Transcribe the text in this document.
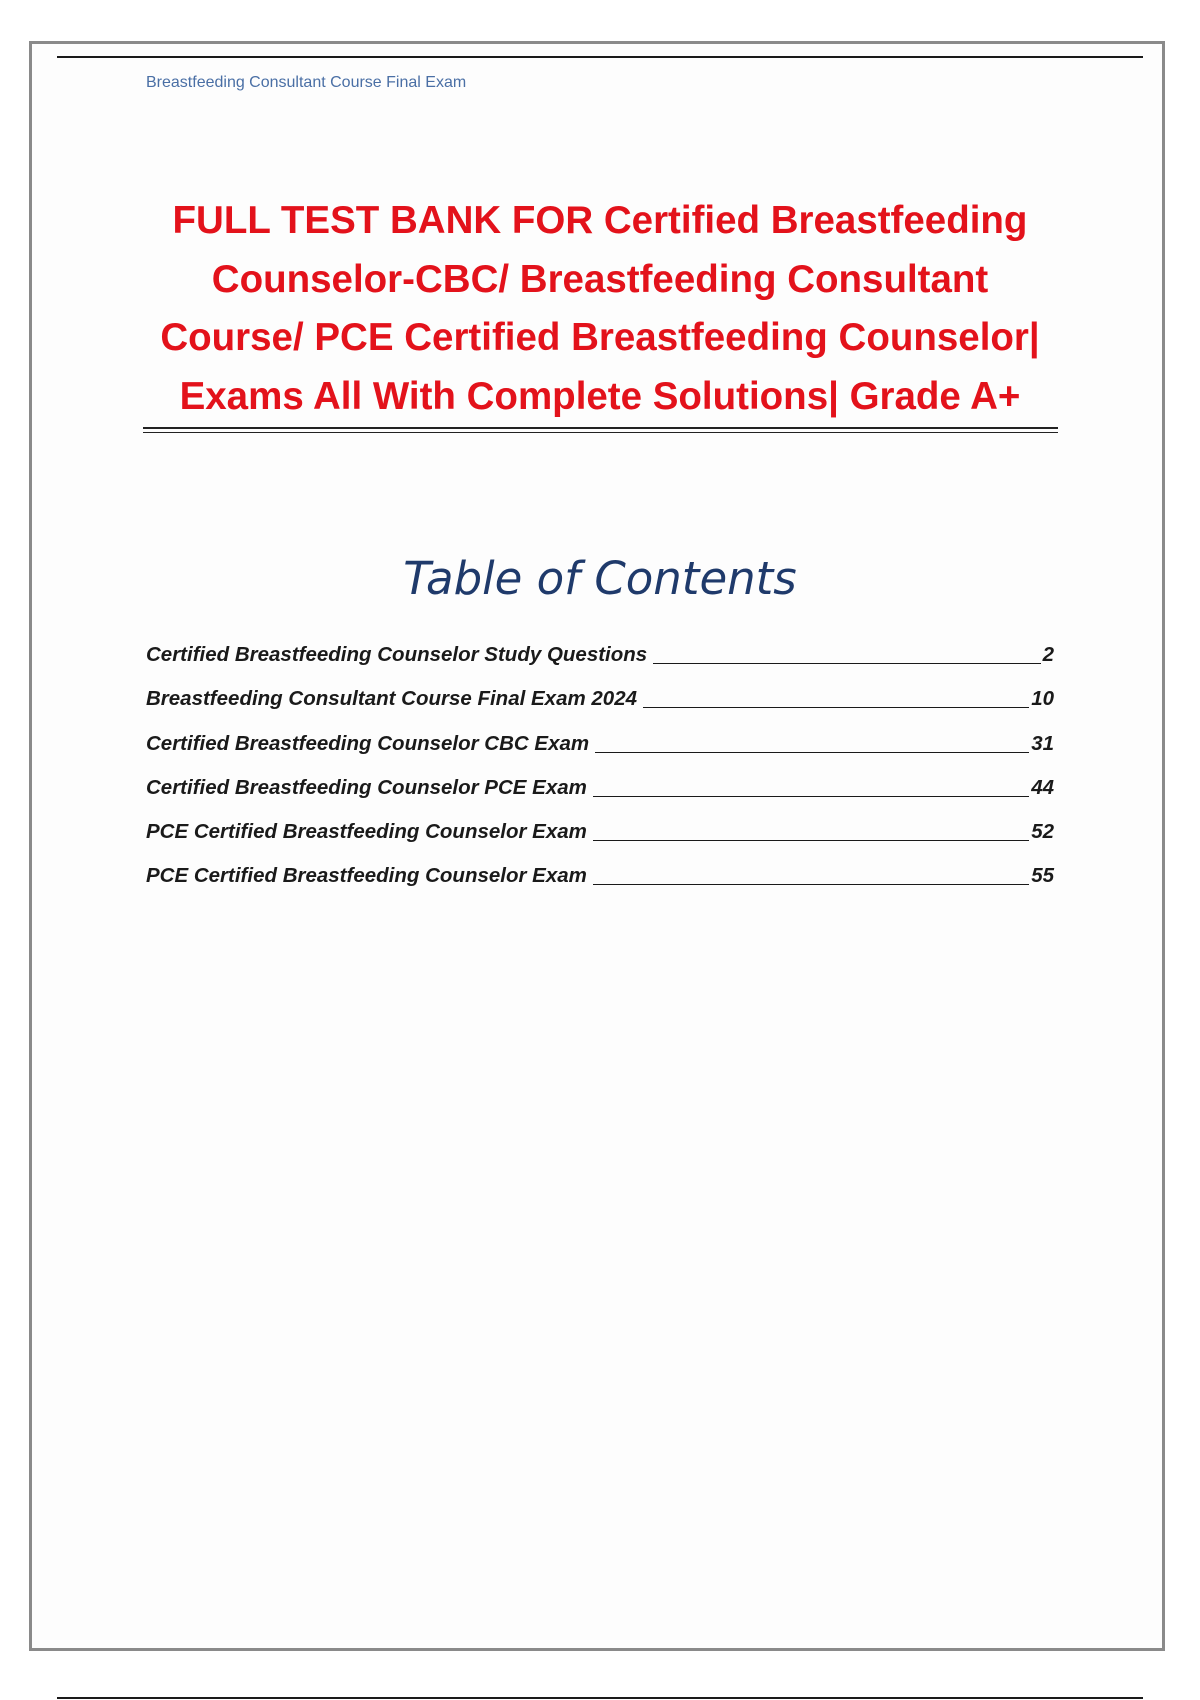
Breastfeeding Consultant Course Final Exam
FULL TEST BANK FOR Certified Breastfeeding
Counselor-CBC/ Breastfeeding Consultant
Course/ PCE Certified Breastfeeding Counselor|
Exams All With Complete Solutions| Grade A+
Table of Contents
Certified Breastfeeding Counselor Study Questions	2
Breastfeeding Consultant Course Final Exam 2024	10
Certified Breastfeeding Counselor CBC Exam	31
Certified Breastfeeding Counselor PCE Exam	44
PCE Certified Breastfeeding Counselor Exam	52
PCE Certified Breastfeeding Counselor Exam	55
